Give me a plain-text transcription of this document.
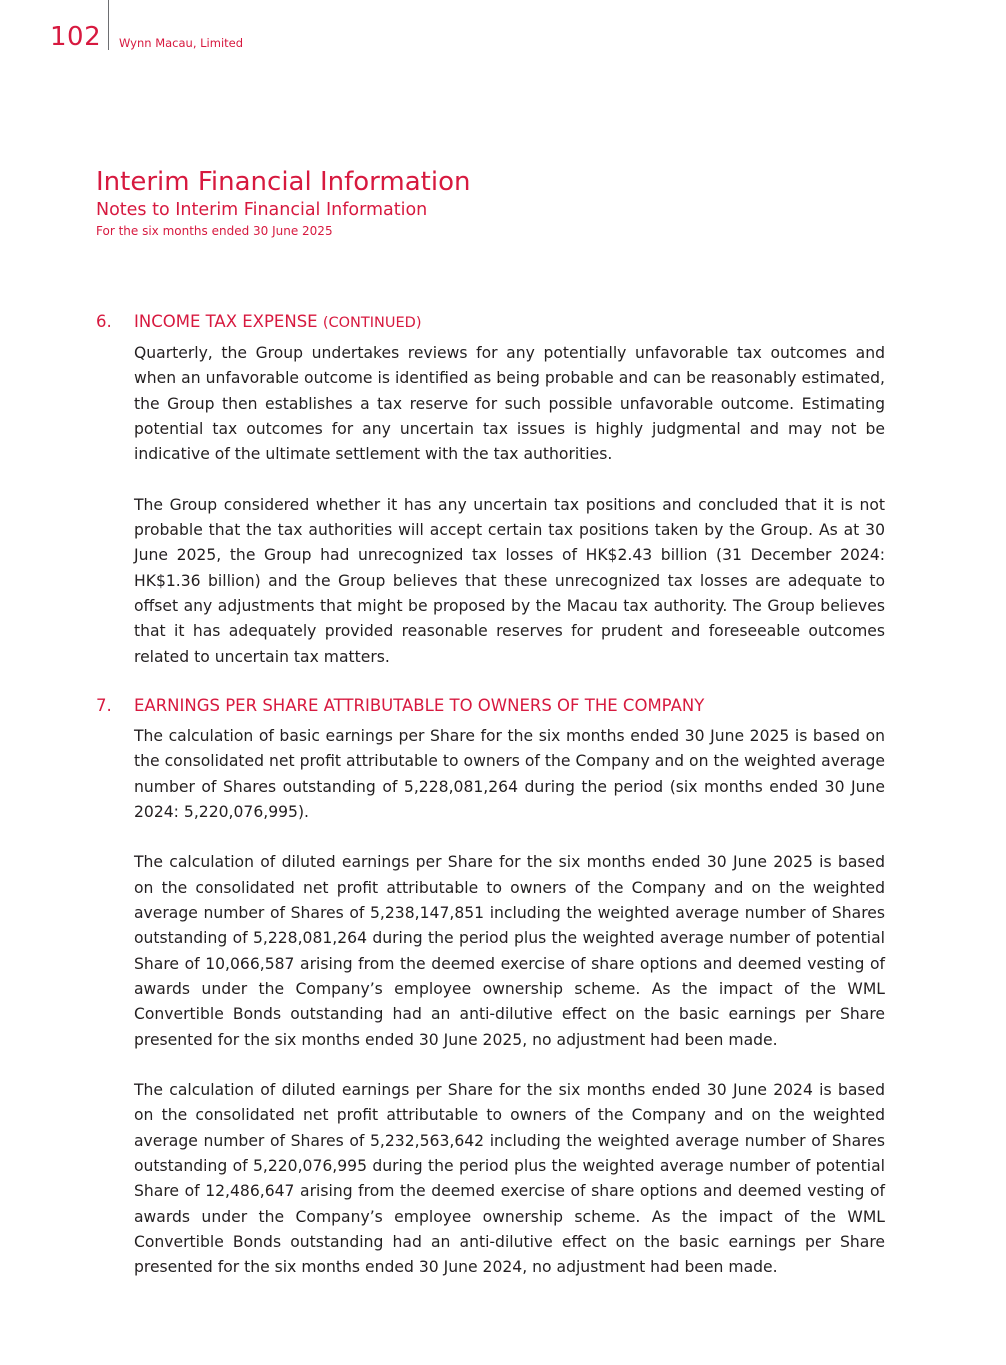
102 Wynn Macau, Limited
Interim Financial Information
Notes to Interim Financial Information
For the six months ended 30 June 2025
6.	INCOME TAX EXPENSE (CONTINUED)

Quarterly, the Group undertakes reviews for any potentially unfavorable tax outcomes and when an unfavorable outcome is identified as being probable and can be reasonably estimated, the Group then establishes a tax reserve for such possible unfavorable outcome. Estimating potential tax outcomes for any uncertain tax issues is highly judgmental and may not be indicative of the ultimate settlement with the tax authorities.

The Group considered whether it has any uncertain tax positions and concluded that it is not probable that the tax authorities will accept certain tax positions taken by the Group. As at 30 June 2025, the Group had unrecognized tax losses of HK$2.43 billion (31 December 2024: HK$1.36 billion) and the Group believes that these unrecognized tax losses are adequate to offset any adjustments that might be proposed by the Macau tax authority. The Group believes that it has adequately provided reasonable reserves for prudent and foreseeable outcomes related to uncertain tax matters.

7.	EARNINGS PER SHARE ATTRIBUTABLE TO OWNERS OF THE COMPANY

The calculation of basic earnings per Share for the six months ended 30 June 2025 is based on the consolidated net profit attributable to owners of the Company and on the weighted average number of Shares outstanding of 5,228,081,264 during the period (six months ended 30 June 2024: 5,220,076,995).

The calculation of diluted earnings per Share for the six months ended 30 June 2025 is based on the consolidated net profit attributable to owners of the Company and on the weighted average number of Shares of 5,238,147,851 including the weighted average number of Shares outstanding of 5,228,081,264 during the period plus the weighted average number of potential Share of 10,066,587 arising from the deemed exercise of share options and deemed vesting of awards under the Company’s employee ownership scheme. As the impact of the WML Convertible Bonds outstanding had an anti-dilutive effect on the basic earnings per Share presented for the six months ended 30 June 2025, no adjustment had been made.

The calculation of diluted earnings per Share for the six months ended 30 June 2024 is based on the consolidated net profit attributable to owners of the Company and on the weighted average number of Shares of 5,232,563,642 including the weighted average number of Shares outstanding of 5,220,076,995 during the period plus the weighted average number of potential Share of 12,486,647 arising from the deemed exercise of share options and deemed vesting of awards under the Company’s employee ownership scheme. As the impact of the WML Convertible Bonds outstanding had an anti-dilutive effect on the basic earnings per Share presented for the six months ended 30 June 2024, no adjustment had been made.
